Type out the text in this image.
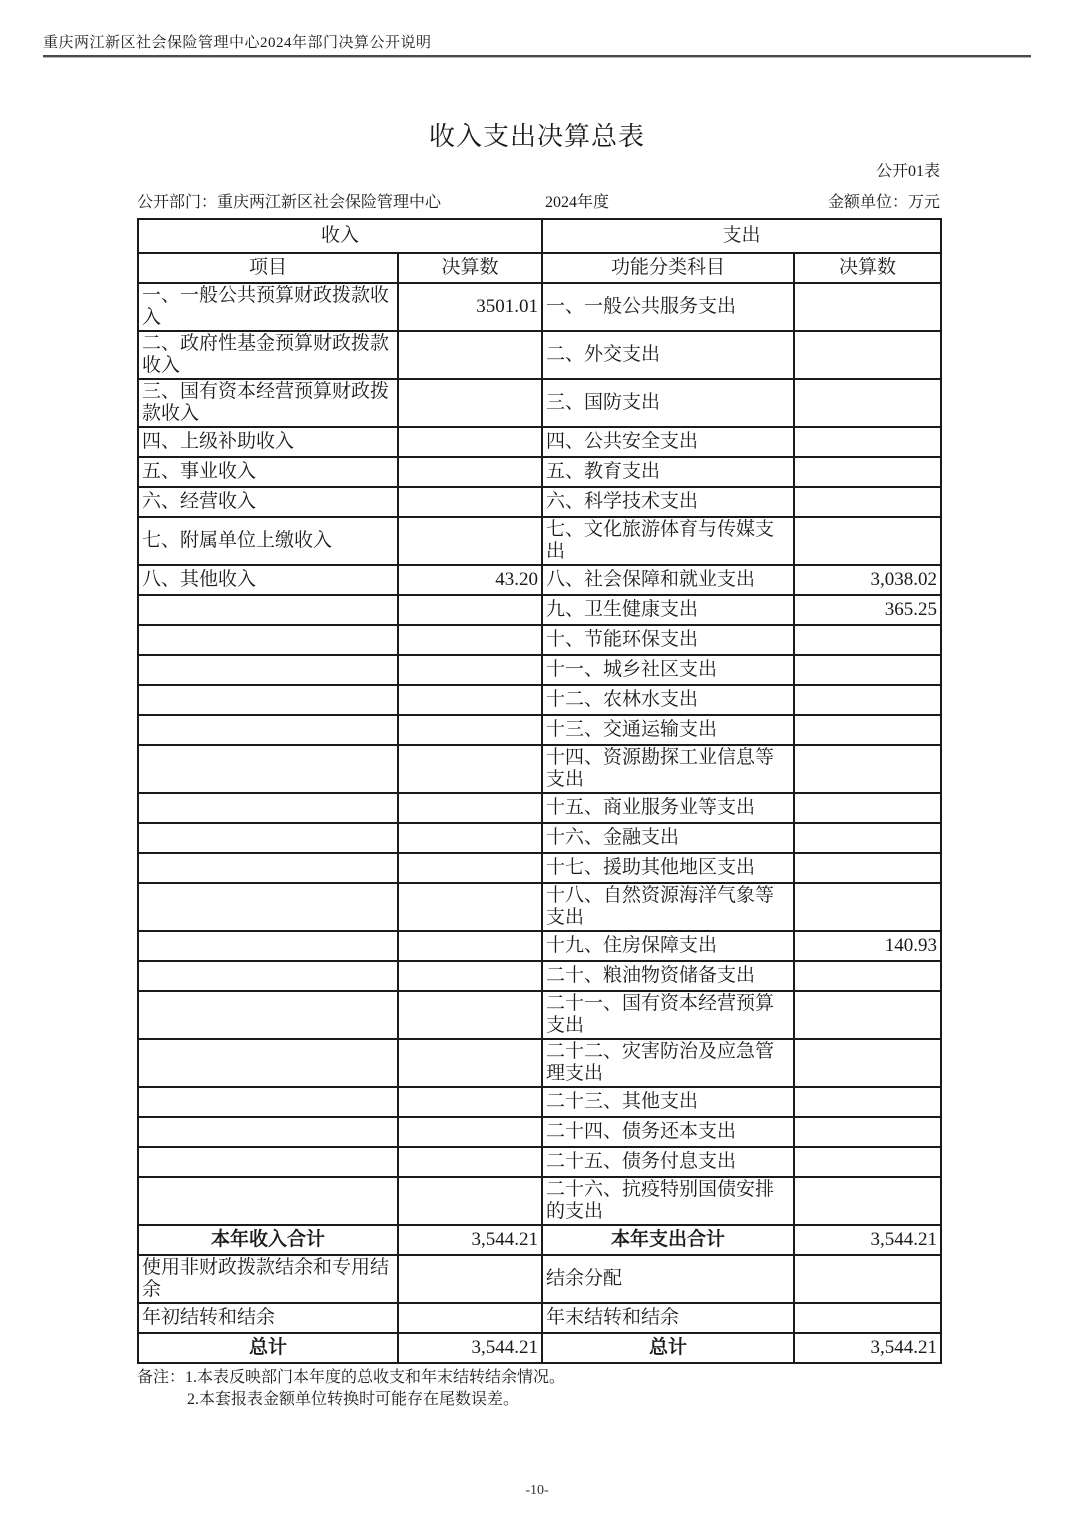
重庆两江新区社会保险管理中心2024年部门决算公开说明
收入支出决算总表
公开01表
公开部门：重庆两江新区社会保险管理中心	2024年度	金额单位：万元
收入		支出	
项目	决算数	功能分类科目	决算数
一、一般公共预算财政拨款收入	3501.01	一、一般公共服务支出	
二、政府性基金预算财政拨款收入		二、外交支出	
三、国有资本经营预算财政拨款收入		三、国防支出	
四、上级补助收入		四、公共安全支出	
五、事业收入		五、教育支出	
六、经营收入		六、科学技术支出	
七、附属单位上缴收入		七、文化旅游体育与传媒支出	
八、其他收入	43.20	八、社会保障和就业支出	3,038.02
		九、卫生健康支出	365.25
		十、节能环保支出	
		十一、城乡社区支出	
		十二、农林水支出	
		十三、交通运输支出	
		十四、资源勘探工业信息等支出	
		十五、商业服务业等支出	
		十六、金融支出	
		十七、援助其他地区支出	
		十八、自然资源海洋气象等支出	
		十九、住房保障支出	140.93
		二十、粮油物资储备支出	
		二十一、国有资本经营预算支出	
		二十二、灾害防治及应急管理支出	
		二十三、其他支出	
		二十四、债务还本支出	
		二十五、债务付息支出	
		二十六、抗疫特别国债安排的支出	
本年收入合计	3,544.21	本年支出合计	3,544.21
使用非财政拨款结余和专用结余		结余分配	
年初结转和结余		年末结转和结余	
总计	3,544.21	总计	3,544.21
备注：1.本表反映部门本年度的总收支和年末结转结余情况。
2.本套报表金额单位转换时可能存在尾数误差。
-10-
